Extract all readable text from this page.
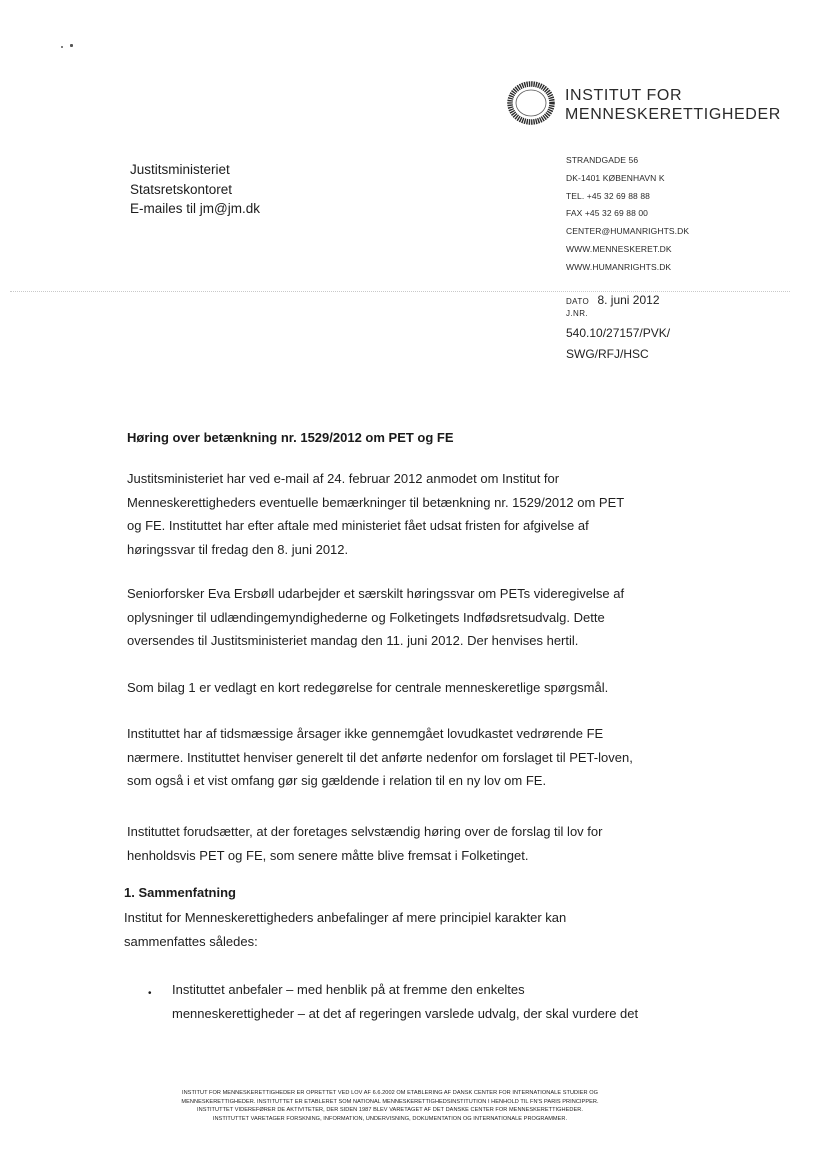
INSTITUT FOR
MENNESKERETTIGHEDER
Justitsministeriet
Statsretskontoret
E-mailes til jm@jm.dk
STRANDGADE 56
DK-1401 KØBENHAVN K
TEL. +45 32 69 88 88
FAX +45 32 69 88 00
CENTER@HUMANRIGHTS.DK
WWW.MENNESKERET.DK
WWW.HUMANRIGHTS.DK
DATO 8. juni 2012
J.NR.
540.10/27157/PVK/
SWG/RFJ/HSC
Høring over betænkning nr. 1529/2012 om PET og FE

Justitsministeriet har ved e-mail af 24. februar 2012 anmodet om Institut for

Menneskerettigheders eventuelle bemærkninger til betænkning nr. 1529/2012 om PET

og FE. Instituttet har efter aftale med ministeriet fået udsat fristen for afgivelse af

høringssvar til fredag den 8. juni 2012.

Seniorforsker Eva Ersbøll udarbejder et særskilt høringssvar om PETs videregivelse af

oplysninger til udlændingemyndighederne og Folketingets Indfødsretsudvalg. Dette

oversendes til Justitsministeriet mandag den 11. juni 2012. Der henvises hertil.

Som bilag 1 er vedlagt en kort redegørelse for centrale menneskeretlige spørgsmål.

Instituttet har af tidsmæssige årsager ikke gennemgået lovudkastet vedrørende FE

nærmere. Instituttet henviser generelt til det anførte nedenfor om forslaget til PET-loven,

som også i et vist omfang gør sig gældende i relation til en ny lov om FE.

Instituttet forudsætter, at der foretages selvstændig høring over de forslag til lov for

henholdsvis PET og FE, som senere måtte blive fremsat i Folketinget.

1. Sammenfatning

Institut for Menneskerettigheders anbefalinger af mere principiel karakter kan

sammenfattes således:

• Instituttet anbefaler – med henblik på at fremme den enkeltes

menneskerettigheder – at det af regeringen varslede udvalg, der skal vurdere det

INSTITUT FOR MENNESKERETTIGHEDER ER OPRETTET VED LOV AF 6.6.2002 OM ETABLERING AF DANSK CENTER FOR INTERNATIONALE STUDIER OG
MENNESKERETTIGHEDER. INSTITUTTET ER ETABLERET SOM NATIONAL MENNESKERETTIGHEDSINSTITUTION I HENHOLD TIL FN'S PARIS PRINCIPPER.
INSTITUTTET VIDEREFØRER DE AKTIVITETER, DER SIDEN 1987 BLEV VARETAGET AF DET DANSKE CENTER FOR MENNESKERETTIGHEDER.
INSTITUTTET VARETAGER FORSKNING, INFORMATION, UNDERVISNING, DOKUMENTATION OG INTERNATIONALE PROGRAMMER.
